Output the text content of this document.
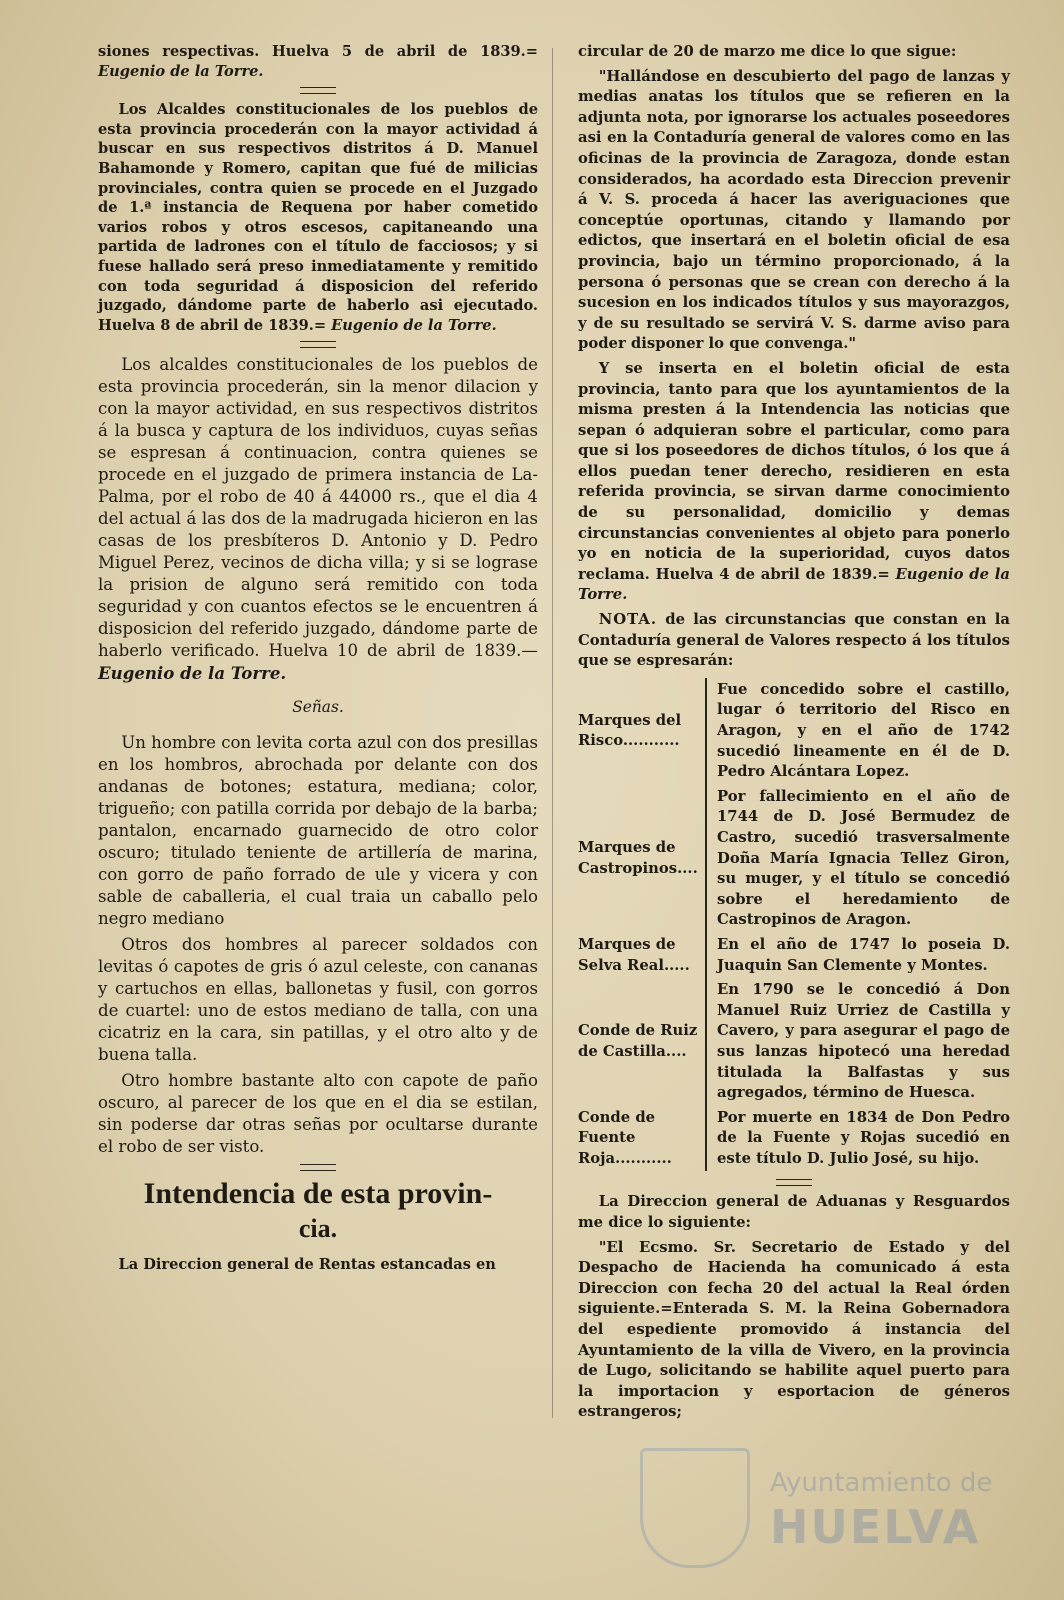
siones respectivas. Huelva 5 de abril de 1839.= Eugenio de la Torre.

Los Alcaldes constitucionales de los pueblos de esta provincia procederán con la mayor actividad á buscar en sus respectivos distritos á D. Manuel Bahamonde y Romero, capitan que fué de milicias provinciales, contra quien se procede en el Juzgado de 1.ª instancia de Requena por haber cometido varios robos y otros escesos, capitaneando una partida de ladrones con el título de facciosos; y si fuese hallado será preso inmediatamente y remitido con toda seguridad á disposicion del referido juzgado, dándome parte de haberlo asi ejecutado. Huelva 8 de abril de 1839.= Eugenio de la Torre.

Los alcaldes constitucionales de los pueblos de esta provincia procederán, sin la menor dilacion y con la mayor actividad, en sus respectivos distritos á la busca y captura de los individuos, cuyas señas se espresan á continuacion, contra quienes se procede en el juzgado de primera instancia de La-Palma, por el robo de 40 á 44000 rs., que el dia 4 del actual á las dos de la madrugada hicieron en las casas de los presbíteros D. Antonio y D. Pedro Miguel Perez, vecinos de dicha villa; y si se lograse la prision de alguno será remitido con toda seguridad y con cuantos efectos se le encuentren á disposicion del referido juzgado, dándome parte de haberlo verificado. Huelva 10 de abril de 1839.— Eugenio de la Torre.

Señas.

Un hombre con levita corta azul con dos presillas en los hombros, abrochada por delante con dos andanas de botones; estatura, mediana; color, trigueño; con patilla corrida por debajo de la barba; pantalon, encarnado guarnecido de otro color oscuro; titulado teniente de artillería de marina, con gorro de paño forrado de ule y vicera y con sable de caballeria, el cual traia un caballo pelo negro mediano

Otros dos hombres al parecer soldados con levitas ó capotes de gris ó azul celeste, con cananas y cartuchos en ellas, ballonetas y fusil, con gorros de cuartel: uno de estos mediano de talla, con una cicatriz en la cara, sin patillas, y el otro alto y de buena talla.

Otro hombre bastante alto con capote de paño oscuro, al parecer de los que en el dia se estilan, sin poderse dar otras señas por ocultarse durante el robo de ser visto.

Intendencia de esta provin-
cia.

La Direccion general de Rentas estancadas en

circular de 20 de marzo me dice lo que sigue:

"Hallándose en descubierto del pago de lanzas y medias anatas los títulos que se refieren en la adjunta nota, por ignorarse los actuales poseedores asi en la Contaduría general de valores como en las oficinas de la provincia de Zaragoza, donde estan considerados, ha acordado esta Direccion prevenir á V. S. proceda á hacer las averiguaciones que conceptúe oportunas, citando y llamando por edictos, que insertará en el boletin oficial de esa provincia, bajo un término proporcionado, á la persona ó personas que se crean con derecho á la sucesion en los indicados títulos y sus mayorazgos, y de su resultado se servirá V. S. darme aviso para poder disponer lo que convenga."

Y se inserta en el boletin oficial de esta provincia, tanto para que los ayuntamientos de la misma presten á la Intendencia las noticias que sepan ó adquieran sobre el particular, como para que si los poseedores de dichos títulos, ó los que á ellos puedan tener derecho, residieren en esta referida provincia, se sirvan darme conocimiento de su personalidad, domicilio y demas circunstancias convenientes al objeto para ponerlo yo en noticia de la superioridad, cuyos datos reclama. Huelva 4 de abril de 1839.= Eugenio de la Torre.

NOTA. de las circunstancias que constan en la Contaduría general de Valores respecto á los títulos que se espresarán:

Marques del Risco...........	Fue concedido sobre el castillo, lugar ó territorio del Risco en Aragon, y en el año de 1742 sucedió lineamente en él de D. Pedro Alcántara Lopez.
Marques de Castropinos....	Por fallecimiento en el año de 1744 de D. José Bermudez de Castro, sucedió trasversalmente Doña María Ignacia Tellez Giron, su muger, y el título se concedió sobre el heredamiento de Castropinos de Aragon.
Marques de Selva Real.....	En el año de 1747 lo poseia D. Juaquin San Clemente y Montes.
Conde de Ruiz de Castilla....	En 1790 se le concedió á Don Manuel Ruiz Urriez de Castilla y Cavero, y para asegurar el pago de sus lanzas hipotecó una heredad titulada la Balfastas y sus agregados, término de Huesca.
Conde de Fuente Roja...........	Por muerte en 1834 de Don Pedro de la Fuente y Rojas sucedió en este título D. Julio José, su hijo.

La Direccion general de Aduanas y Resguardos me dice lo siguiente:

"El Ecsmo. Sr. Secretario de Estado y del Despacho de Hacienda ha comunicado á esta Direccion con fecha 20 del actual la Real órden siguiente.=Enterada S. M. la Reina Gobernadora del espediente promovido á instancia del Ayuntamiento de la villa de Vivero, en la provincia de Lugo, solicitando se habilite aquel puerto para la importacion y esportacion de géneros estrangeros;

Ayuntamiento de
HUELVA
